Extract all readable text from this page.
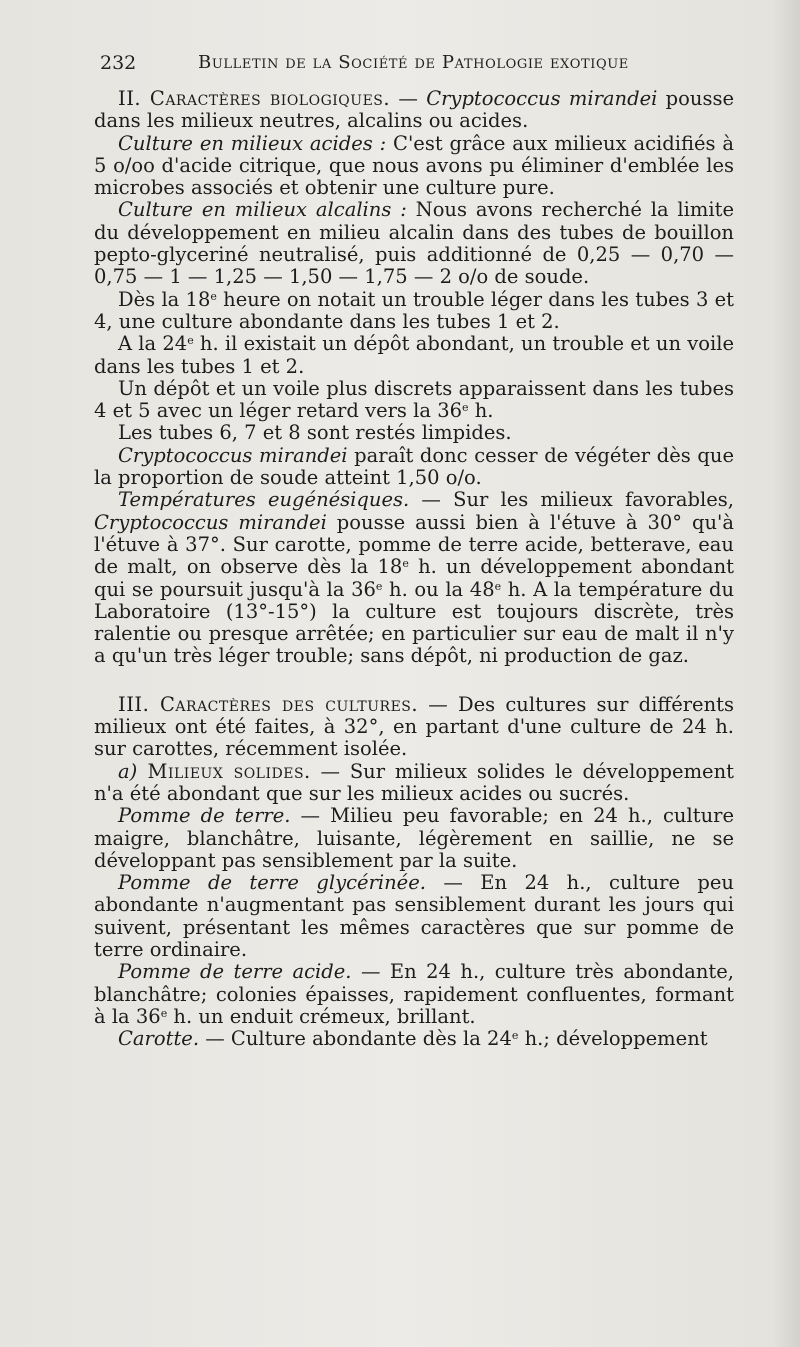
232	Bulletin de la Société de Pathologie exotique

II. Caractères biologiques. — Cryptococcus mirandei pousse dans les milieux neutres, alcalins ou acides.

Culture en milieux acides : C'est grâce aux milieux acidifiés à 5 o/oo d'acide citrique, que nous avons pu éliminer d'emblée les microbes associés et obtenir une culture pure.

Culture en milieux alcalins : Nous avons recherché la limite du développement en milieu alcalin dans des tubes de bouillon pepto-glyceriné neutralisé, puis additionné de 0,25 — 0,70 — 0,75 — 1 — 1,25 — 1,50 — 1,75 — 2 o/o de soude.

Dès la 18e heure on notait un trouble léger dans les tubes 3 et 4, une culture abondante dans les tubes 1 et 2.

A la 24e h. il existait un dépôt abondant, un trouble et un voile dans les tubes 1 et 2.

Un dépôt et un voile plus discrets apparaissent dans les tubes 4 et 5 avec un léger retard vers la 36e h.

Les tubes 6, 7 et 8 sont restés limpides.

Cryptococcus mirandei paraît donc cesser de végéter dès que la proportion de soude atteint 1,50 o/o.

Températures eugénésiques. — Sur les milieux favorables, Cryptococcus mirandei pousse aussi bien à l'étuve à 30° qu'à l'étuve à 37°. Sur carotte, pomme de terre acide, betterave, eau de malt, on observe dès la 18e h. un développement abondant qui se poursuit jusqu'à la 36e h. ou la 48e h. A la température du Laboratoire (13°-15°) la culture est toujours discrète, très ralentie ou presque arrêtée; en particulier sur eau de malt il n'y a qu'un très léger trouble; sans dépôt, ni production de gaz.

III. Caractères des cultures. — Des cultures sur différents milieux ont été faites, à 32°, en partant d'une culture de 24 h. sur carottes, récemment isolée.

a) Milieux solides. — Sur milieux solides le développement n'a été abondant que sur les milieux acides ou sucrés.

Pomme de terre. — Milieu peu favorable; en 24 h., culture maigre, blanchâtre, luisante, légèrement en saillie, ne se développant pas sensiblement par la suite.

Pomme de terre glycérinée. — En 24 h., culture peu abondante n'augmentant pas sensiblement durant les jours qui suivent, présentant les mêmes caractères que sur pomme de terre ordinaire.

Pomme de terre acide. — En 24 h., culture très abondante, blanchâtre; colonies épaisses, rapidement confluentes, formant à la 36e h. un enduit crémeux, brillant.

Carotte. — Culture abondante dès la 24e h.; développement
